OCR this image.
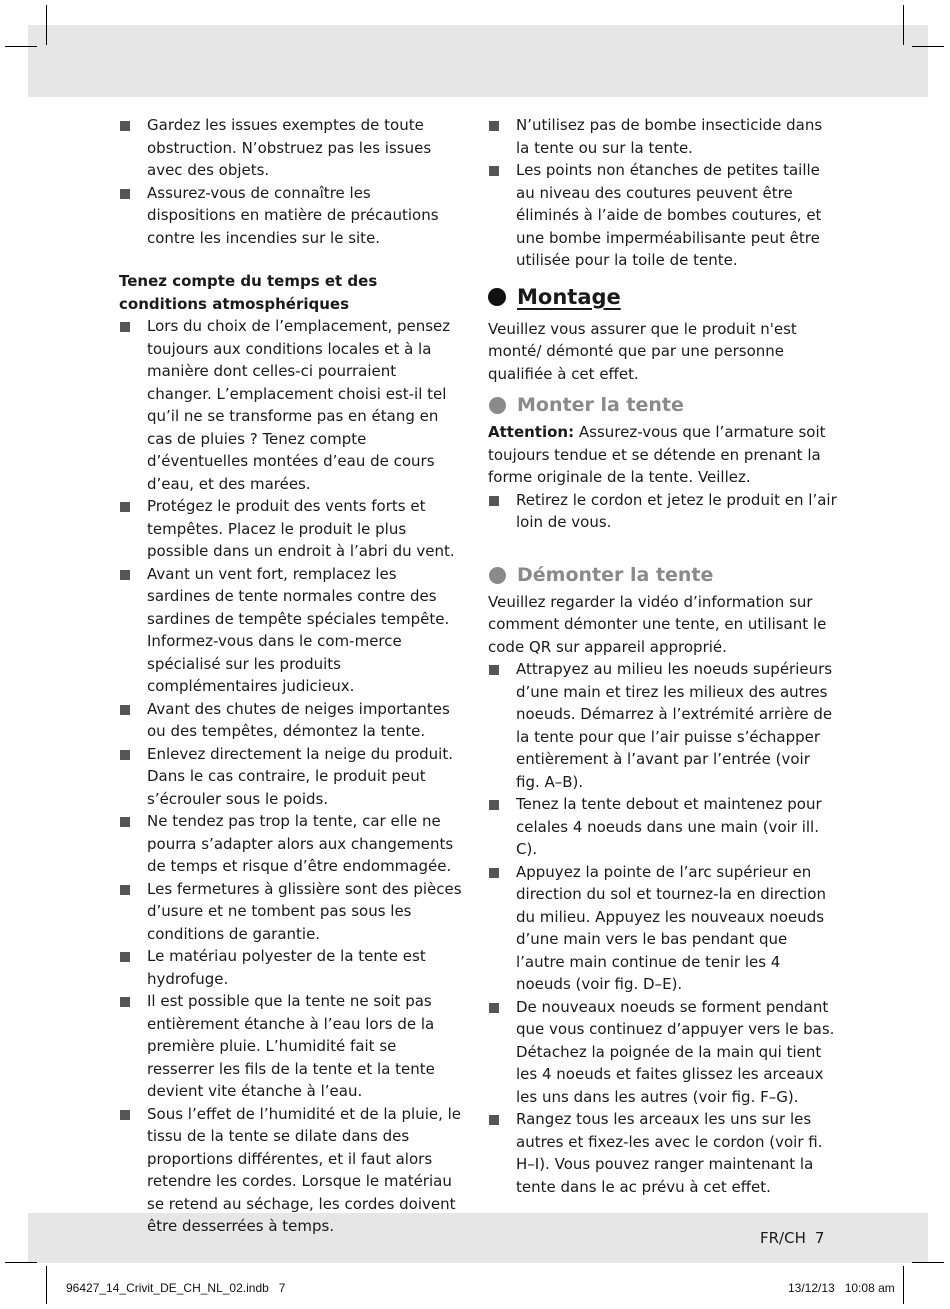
Gardez les issues exemptes de toute obstruction. N’obstruez pas les issues avec des objets.
Assurez-vous de connaître les dispositions en matière de précautions contre les incendies sur le site.
Tenez compte du temps et des conditions atmosphériques
Lors du choix de l’emplacement, pensez toujours aux conditions locales et à la manière dont celles-ci pourraient changer. L’emplacement choisi est-il tel qu’il ne se transforme pas en étang en cas de pluies ? Tenez compte d’éventuelles montées d’eau de cours d’eau, et des marées.
Protégez le produit des vents forts et tempêtes. Placez le produit le plus possible dans un endroit à l’abri du vent.
Avant un vent fort, remplacez les sardines de tente normales contre des sardines de tempête spéciales tempête. Informez-vous dans le com-merce spécialisé sur les produits complémentaires judicieux.
Avant des chutes de neiges importantes ou des tempêtes, démontez la tente.
Enlevez directement la neige du produit. Dans le cas contraire, le produit peut s’écrouler sous le poids.
Ne tendez pas trop la tente, car elle ne pourra s’adapter alors aux changements de temps et risque d’être endommagée.
Les fermetures à glissière sont des pièces d’usure et ne tombent pas sous les conditions de garantie.
Le matériau polyester de la tente est hydrofuge.
Il est possible que la tente ne soit pas entièrement étanche à l’eau lors de la première pluie. L’humidité fait se resserrer les fils de la tente et la tente devient vite étanche à l’eau.
Sous l’effet de l’humidité et de la pluie, le tissu de la tente se dilate dans des proportions différentes, et il faut alors retendre les cordes. Lorsque le matériau se retend au séchage, les cordes doivent être desserrées à temps.
N’utilisez pas de bombe insecticide dans la tente ou sur la tente.
Les points non étanches de petites taille au niveau des coutures peuvent être éliminés à l’aide de bombes coutures, et une bombe imperméabilisante peut être utilisée pour la toile de tente.
Montage

Veuillez vous assurer que le produit n'est monté/ démonté que par une personne qualifiée à cet effet.

Monter la tente

Attention: Assurez-vous que l’armature soit toujours tendue et se détende en prenant la forme originale de la tente. Veillez.

Retirez le cordon et jetez le produit en l’air loin de vous.
Démonter la tente

Veuillez regarder la vidéo d’information sur comment démonter une tente, en utilisant le code QR sur appareil approprié.

Attrapyez au milieu les noeuds supérieurs d’une main et tirez les milieux des autres noeuds. Démarrez à l’extrémité arrière de la tente pour que l’air puisse s’échapper entièrement à l’avant par l’entrée (voir fig. A–B).
Tenez la tente debout et maintenez pour celales 4 noeuds dans une main (voir ill. C).
Appuyez la pointe de l’arc supérieur en direction du sol et tournez-la en direction du milieu. Appuyez les nouveaux noeuds d’une main vers le bas pendant que l’autre main continue de tenir les 4 noeuds (voir fig. D–E).
De nouveaux noeuds se forment pendant que vous continuez d’appuyer vers le bas. Détachez la poignée de la main qui tient les 4 noeuds et faites glissez les arceaux les uns dans les autres (voir fig. F–G).
Rangez tous les arceaux les uns sur les autres et fixez-les avec le cordon (voir fi. H–I). Vous pouvez ranger maintenant la tente dans le ac prévu à cet effet.
FR/CH 7
96427_14_Crivit_DE_CH_NL_02.indb   7	13/12/13   10:08 am
